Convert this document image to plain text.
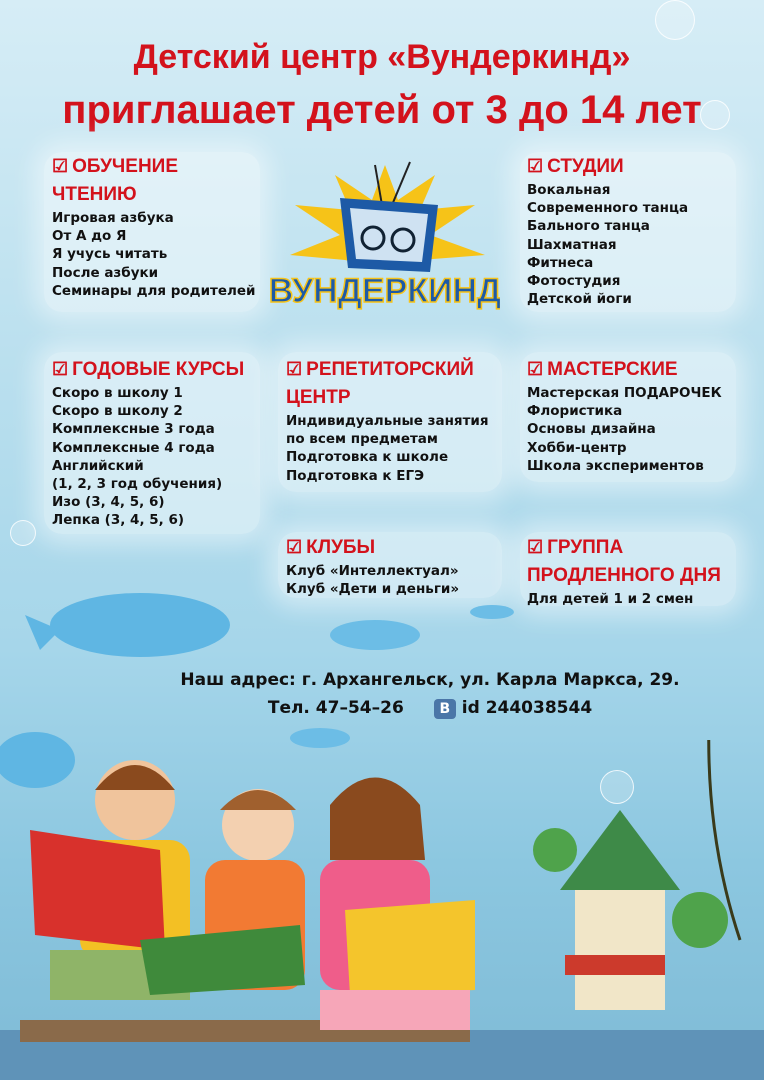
Детский центр «Вундеркинд»
приглашает детей от 3 до 14 лет
ВУНДЕРКИНД
☑ ОБУЧЕНИЕ ЧТЕНИЮ
Игровая азбука
От А до Я
Я учусь читать
После азбуки
Семинары для родителей
☑ СТУДИИ
Вокальная
Современного танца
Бального танца
Шахматная
Фитнеса
Фотостудия
Детской йоги
☑ ГОДОВЫЕ КУРСЫ
Скоро в школу 1
Скоро в школу 2
Комплексные 3 года
Комплексные 4 года
Английский
(1, 2, 3 год обучения)
Изо (3, 4, 5, 6)
Лепка (3, 4, 5, 6)
☑ РЕПЕТИТОРСКИЙ ЦЕНТР
Индивидуальные занятия
по всем предметам
Подготовка к школе
Подготовка к ЕГЭ
☑ МАСТЕРСКИЕ
Мастерская ПОДАРОЧЕК
Флористика
Основы дизайна
Хобби-центр
Школа экспериментов
☑ КЛУБЫ
Клуб «Интеллектуал»
Клуб «Дети и деньги»
☑ ГРУППА ПРОДЛЕННОГО ДНЯ
Для детей 1 и 2 смен
Наш адрес: г. Архангельск, ул. Карла Маркса, 29.
Тел. 47–54–26	В id 244038544
